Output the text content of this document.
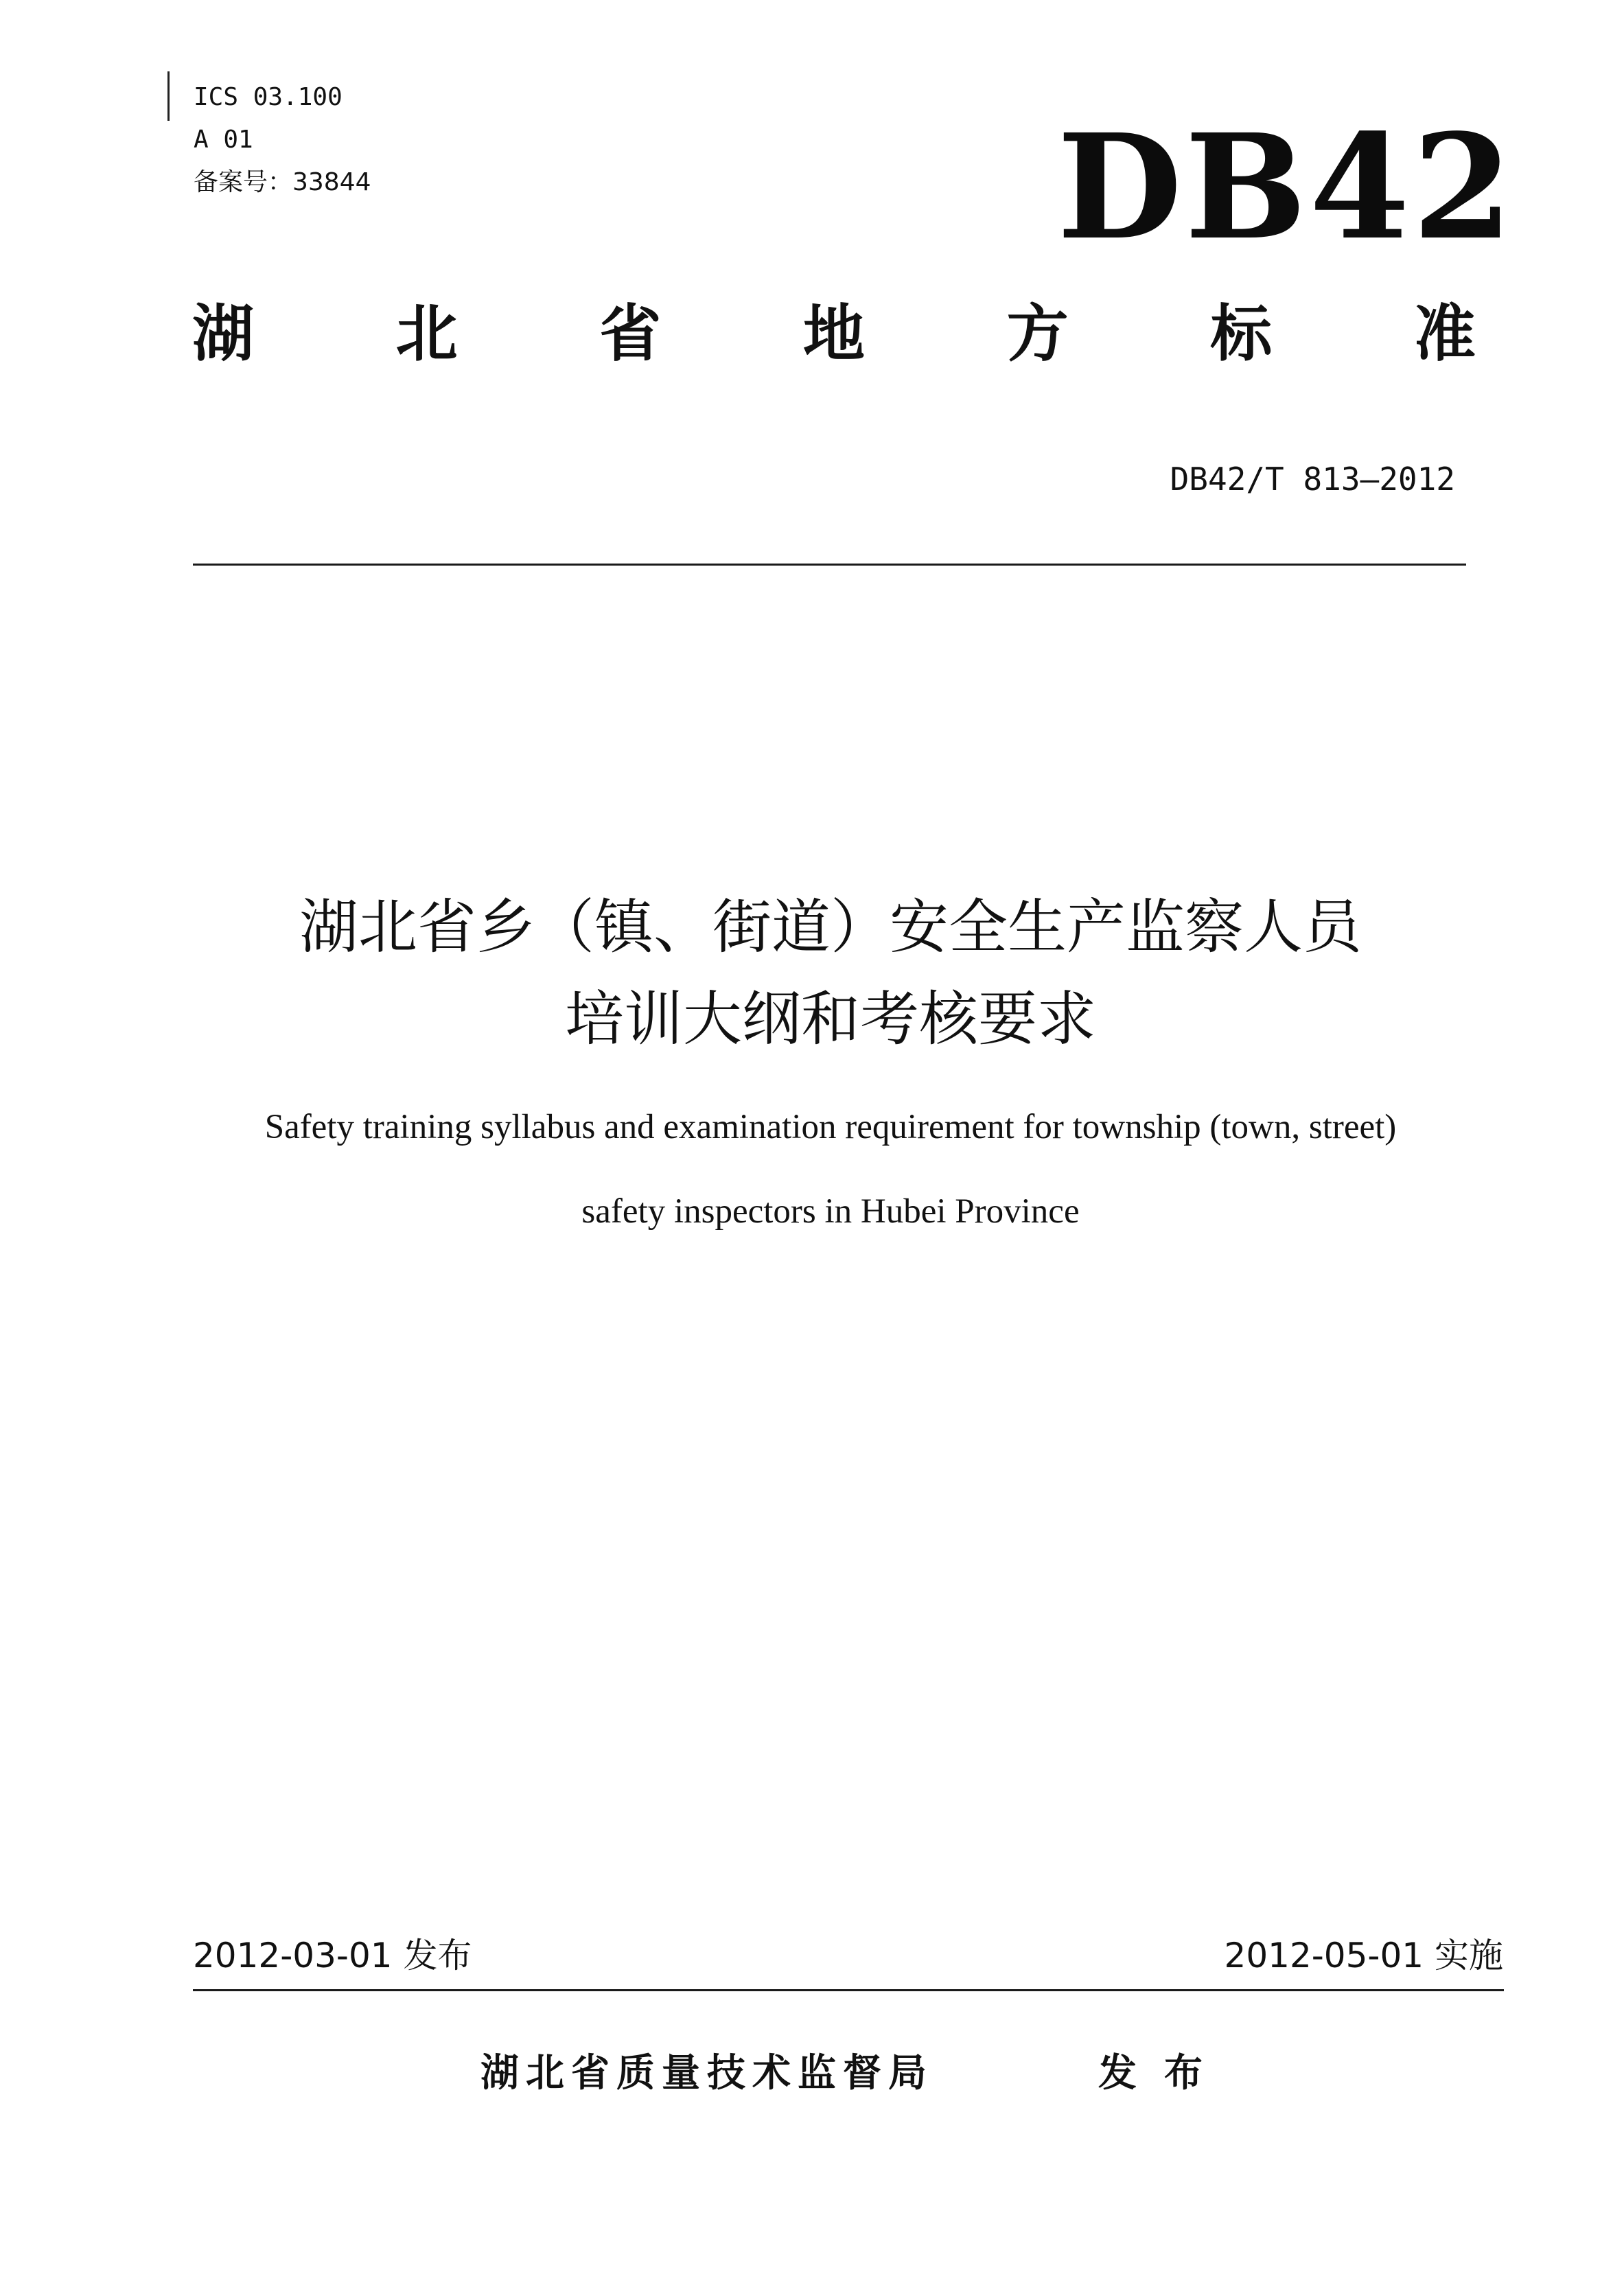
ICS 03.100
A 01
备案号：33844	DB42
湖 北 省 地 方 标 准
DB42/T 813—2012
湖北省乡（镇、街道）安全生产监察人员
培训大纲和考核要求
Safety training syllabus and examination requirement for township (town, street)
safety inspectors in Hubei Province
2012-03-01 发布	2012-05-01 实施
湖北省质量技术监督局	发布
